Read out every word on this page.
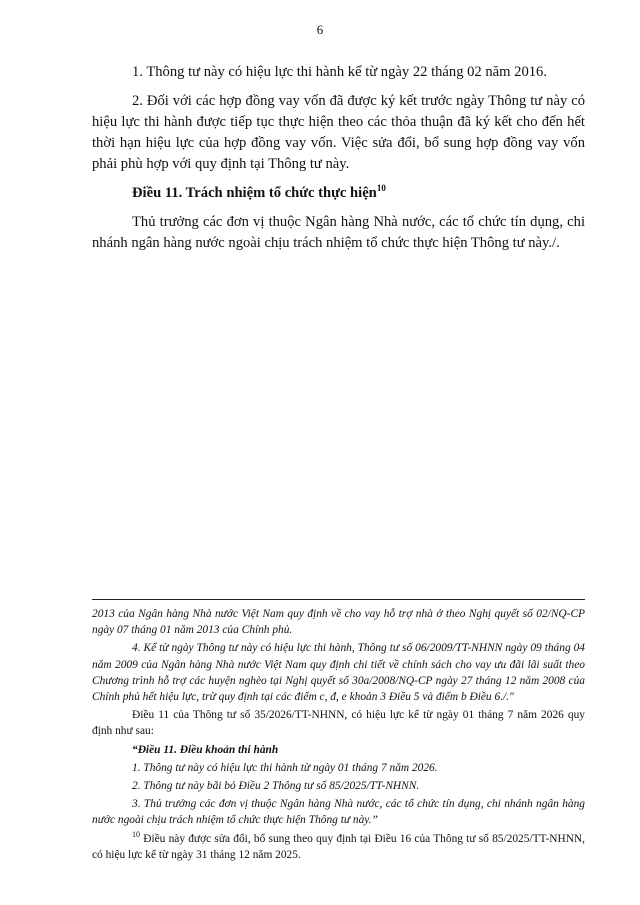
6

1. Thông tư này có hiệu lực thi hành kể từ ngày 22 tháng 02 năm 2016.

2. Đối với các hợp đồng vay vốn đã được ký kết trước ngày Thông tư này có hiệu lực thi hành được tiếp tục thực hiện theo các thỏa thuận đã ký kết cho đến hết thời hạn hiệu lực của hợp đồng vay vốn. Việc sửa đổi, bổ sung hợp đồng vay vốn phải phù hợp với quy định tại Thông tư này.

Điều 11. Trách nhiệm tổ chức thực hiện$^{10}$

Thủ trưởng các đơn vị thuộc Ngân hàng Nhà nước, các tổ chức tín dụng, chi nhánh ngân hàng nước ngoài chịu trách nhiệm tổ chức thực hiện Thông tư này./.

2013 của Ngân hàng Nhà nước Việt Nam quy định về cho vay hỗ trợ nhà ở theo Nghị quyết số 02/NQ-CP ngày 07 tháng 01 năm 2013 của Chính phủ.

4. Kể từ ngày Thông tư này có hiệu lực thi hành, Thông tư số 06/2009/TT-NHNN ngày 09 tháng 04 năm 2009 của Ngân hàng Nhà nước Việt Nam quy định chi tiết về chính sách cho vay ưu đãi lãi suất theo Chương trình hỗ trợ các huyện nghèo tại Nghị quyết số 30a/2008/NQ-CP ngày 27 tháng 12 năm 2008 của Chính phủ hết hiệu lực, trừ quy định tại các điểm c, đ, e khoản 3 Điều 5 và điểm b Điều 6./."

Điều 11 của Thông tư số 35/2026/TT-NHNN, có hiệu lực kể từ ngày 01 tháng 7 năm 2026 quy định như sau:

“Điều 11. Điều khoản thi hành

1. Thông tư này có hiệu lực thi hành từ ngày 01 tháng 7 năm 2026.

2. Thông tư này bãi bỏ Điều 2 Thông tư số 85/2025/TT-NHNN.

3. Thủ trưởng các đơn vị thuộc Ngân hàng Nhà nước, các tổ chức tín dụng, chi nhánh ngân hàng nước ngoài chịu trách nhiệm tổ chức thực hiện Thông tư này.”

$^{10}$ Điều này được sửa đổi, bổ sung theo quy định tại Điều 16 của Thông tư số 85/2025/TT-NHNN, có hiệu lực kể từ ngày 31 tháng 12 năm 2025.
